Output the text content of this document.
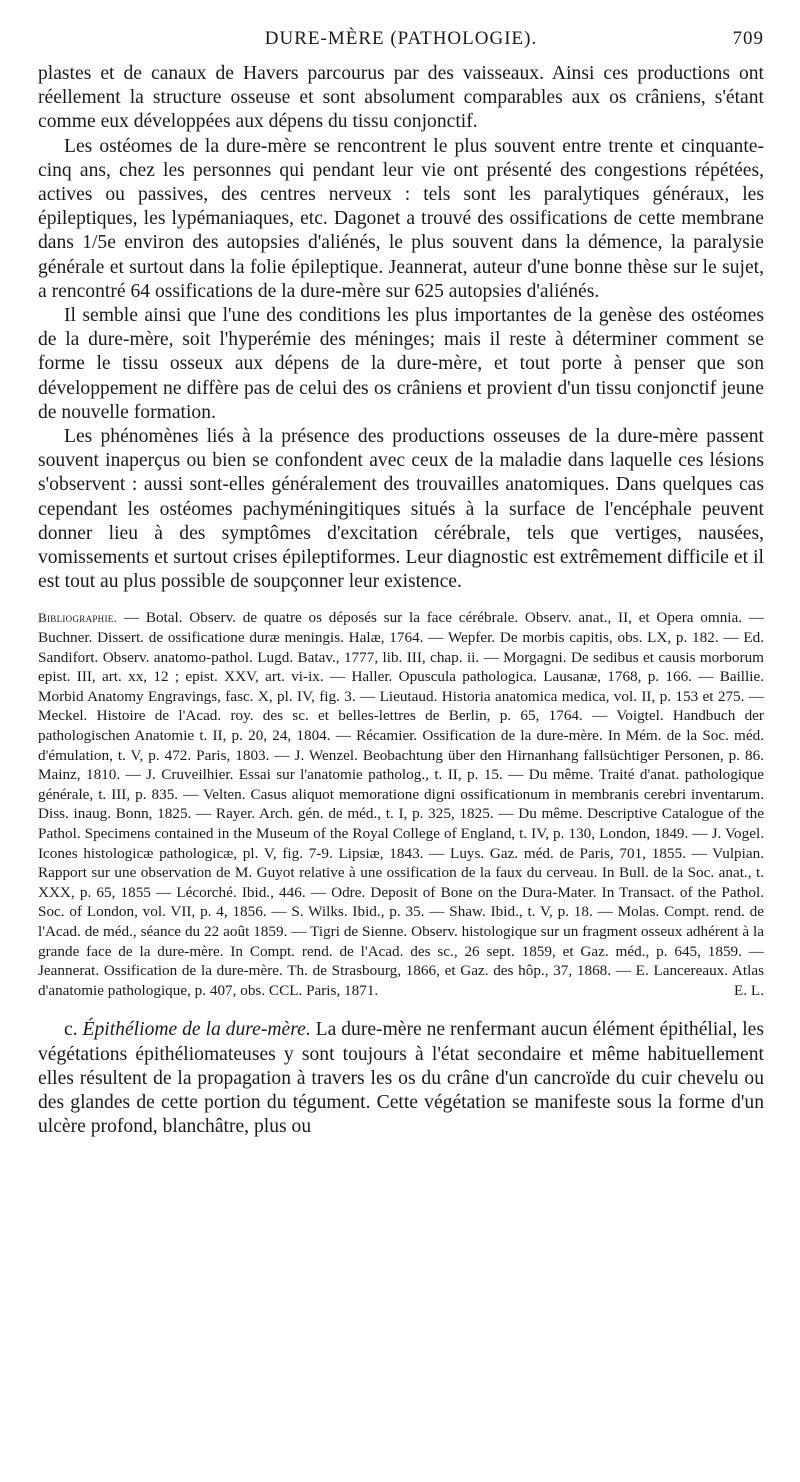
DURE-MÈRE (PATHOLOGIE).	709

plastes et de canaux de Havers parcourus par des vaisseaux. Ainsi ces productions ont réellement la structure osseuse et sont absolument comparables aux os crâniens, s'étant comme eux développées aux dépens du tissu conjonctif.

Les ostéomes de la dure-mère se rencontrent le plus souvent entre trente et cinquante-cinq ans, chez les personnes qui pendant leur vie ont présenté des congestions répétées, actives ou passives, des centres nerveux : tels sont les paralytiques généraux, les épileptiques, les lypémaniaques, etc. Dagonet a trouvé des ossifications de cette membrane dans 1/5e environ des autopsies d'aliénés, le plus souvent dans la démence, la paralysie générale et surtout dans la folie épileptique. Jeannerat, auteur d'une bonne thèse sur le sujet, a rencontré 64 ossifications de la dure-mère sur 625 autopsies d'aliénés.

Il semble ainsi que l'une des conditions les plus importantes de la genèse des ostéomes de la dure-mère, soit l'hyperémie des méninges; mais il reste à déterminer comment se forme le tissu osseux aux dépens de la dure-mère, et tout porte à penser que son développement ne diffère pas de celui des os crâniens et provient d'un tissu conjonctif jeune de nouvelle formation.

Les phénomènes liés à la présence des productions osseuses de la dure-mère passent souvent inaperçus ou bien se confondent avec ceux de la maladie dans laquelle ces lésions s'observent : aussi sont-elles généralement des trouvailles anatomiques. Dans quelques cas cependant les ostéomes pachyméningitiques situés à la surface de l'encéphale peuvent donner lieu à des symptômes d'excitation cérébrale, tels que vertiges, nausées, vomissements et surtout crises épileptiformes. Leur diagnostic est extrêmement difficile et il est tout au plus possible de soupçonner leur existence.

Bibliographie. — Botal. Observ. de quatre os déposés sur la face cérébrale. Observ. anat., II, et Opera omnia. — Buchner. Dissert. de ossificatione duræ meningis. Halæ, 1764. — Wepfer. De morbis capitis, obs. LX, p. 182. — Ed. Sandifort. Observ. anatomo-pathol. Lugd. Batav., 1777, lib. III, chap. ii. — Morgagni. De sedibus et causis morborum epist. III, art. xx, 12 ; epist. XXV, art. vi-ix. — Haller. Opuscula pathologica. Lausanæ, 1768, p. 166. — Baillie. Morbid Anatomy Engravings, fasc. X, pl. IV, fig. 3. — Lieutaud. Historia anatomica medica, vol. II, p. 153 et 275. — Meckel. Histoire de l'Acad. roy. des sc. et belles-lettres de Berlin, p. 65, 1764. — Voigtel. Handbuch der pathologischen Anatomie t. II, p. 20, 24, 1804. — Récamier. Ossification de la dure-mère. In Mém. de la Soc. méd. d'émulation, t. V, p. 472. Paris, 1803. — J. Wenzel. Beobachtung über den Hirnanhang fallsüchtiger Personen, p. 86. Mainz, 1810. — J. Cruveilhier. Essai sur l'anatomie patholog., t. II, p. 15. — Du même. Traité d'anat. pathologique générale, t. III, p. 835. — Velten. Casus aliquot memoratione digni ossificationum in membranis cerebri inventarum. Diss. inaug. Bonn, 1825. — Rayer. Arch. gén. de méd., t. I, p. 325, 1825. — Du même. Descriptive Catalogue of the Pathol. Specimens contained in the Museum of the Royal College of England, t. IV, p. 130, London, 1849. — J. Vogel. Icones histologicæ pathologicæ, pl. V, fig. 7-9. Lipsiæ, 1843. — Luys. Gaz. méd. de Paris, 701, 1855. — Vulpian. Rapport sur une observation de M. Guyot relative à une ossification de la faux du cerveau. In Bull. de la Soc. anat., t. XXX, p. 65, 1855 — Lécorché. Ibid., 446. — Odre. Deposit of Bone on the Dura-Mater. In Transact. of the Pathol. Soc. of London, vol. VII, p. 4, 1856. — S. Wilks. Ibid., p. 35. — Shaw. Ibid., t. V, p. 18. — Molas. Compt. rend. de l'Acad. de méd., séance du 22 août 1859. — Tigri de Sienne. Observ. histologique sur un fragment osseux adhérent à la grande face de la dure-mère. In Compt. rend. de l'Acad. des sc., 26 sept. 1859, et Gaz. méd., p. 645, 1859. — Jeannerat. Ossification de la dure-mère. Th. de Strasbourg, 1866, et Gaz. des hôp., 37, 1868. — E. Lancereaux. Atlas d'anatomie pathologique, p. 407, obs. CCL. Paris, 1871.	E. L.

c. Épithéliome de la dure-mère. La dure-mère ne renfermant aucun élément épithélial, les végétations épithéliomateuses y sont toujours à l'état secondaire et même habituellement elles résultent de la propagation à travers les os du crâne d'un cancroïde du cuir chevelu ou des glandes de cette portion du tégument. Cette végétation se manifeste sous la forme d'un ulcère profond, blanchâtre, plus ou
